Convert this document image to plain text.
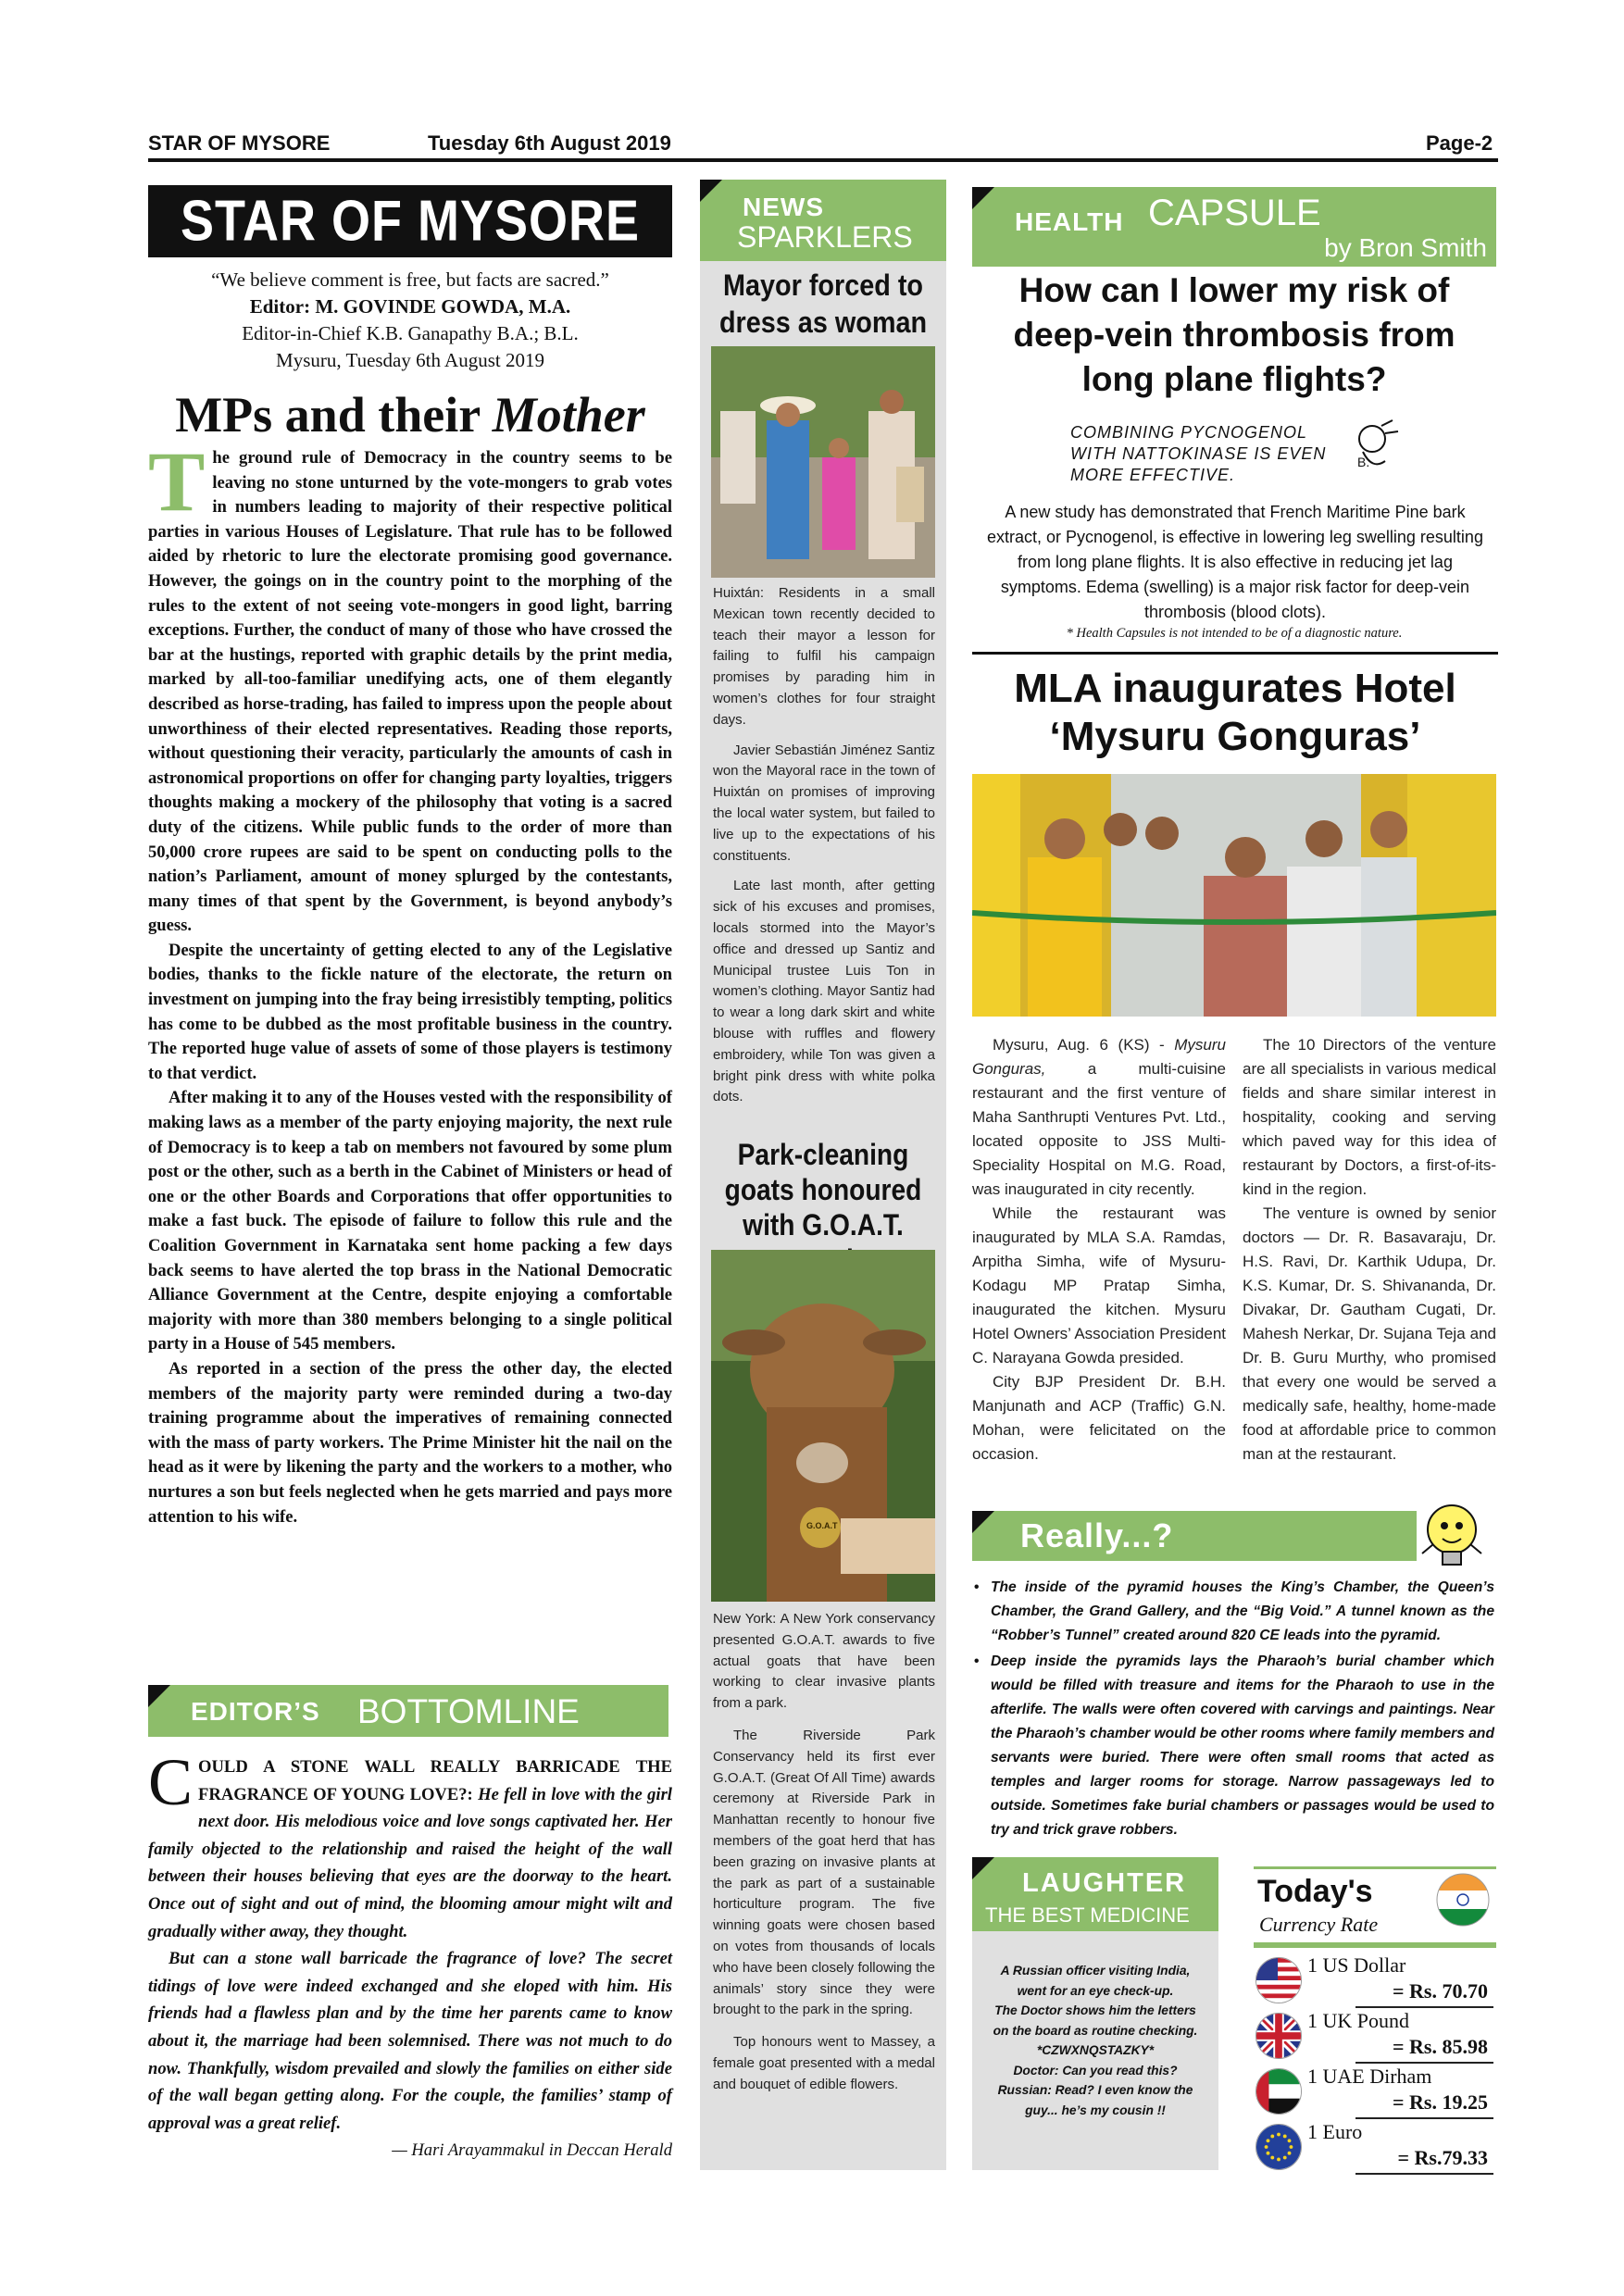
STAR OF MYSORE	Tuesday 6th August 2019	Page-2
STAR OF MYSORE
“We believe comment is free, but facts are sacred.”
Editor: M. GOVINDE GOWDA, M.A.
Editor-in-Chief K.B. Ganapathy B.A.; B.L.
Mysuru, Tuesday 6th August 2019
MPs and their Mother

The ground rule of Democracy in the country seems to be leaving no stone unturned by the vote-mongers to grab votes in numbers leading to majority of their respective political parties in various Houses of Legislature. That rule has to be followed aided by rhetoric to lure the electorate promising good governance. However, the goings on in the country point to the morphing of the rules to the extent of not seeing vote-mongers in good light, barring exceptions. Further, the conduct of many of those who have crossed the bar at the hustings, reported with graphic details by the print media, marked by all-too-familiar unedifying acts, one of them elegantly described as horse-trading, has failed to impress upon the people about unworthiness of their elected representatives. Reading those reports, without questioning their veracity, particularly the amounts of cash in astronomical proportions on offer for changing party loyalties, triggers thoughts making a mockery of the philosophy that voting is a sacred duty of the citizens. While public funds to the order of more than 50,000 crore rupees are said to be spent on conducting polls to the nation’s Parliament, amount of money splurged by the contestants, many times of that spent by the Government, is beyond anybody’s guess.

Despite the uncertainty of getting elected to any of the Legislative bodies, thanks to the fickle nature of the electorate, the return on investment on jumping into the fray being irresistibly tempting, politics has come to be dubbed as the most profitable business in the country. The reported huge value of assets of some of those players is testimony to that verdict.

After making it to any of the Houses vested with the responsibility of making laws as a member of the party enjoying majority, the next rule of Democracy is to keep a tab on members not favoured by some plum post or the other, such as a berth in the Cabinet of Ministers or head of one or the other Boards and Corporations that offer opportunities to make a fast buck. The episode of failure to follow this rule and the Coalition Government in Karnataka sent home packing a few days back seems to have alerted the top brass in the National Democratic Alliance Government at the Centre, despite enjoying a comfortable majority with more than 380 members belonging to a single political party in a House of 545 members.

As reported in a section of the press the other day, the elected members of the majority party were reminded during a two-day training programme about the imperatives of remaining connected with the mass of party workers. The Prime Minister hit the nail on the head as it were by likening the party and the workers to a mother, who nurtures a son but feels neglected when he gets married and pays more attention to his wife.

EDITOR’S BOTTOMLINE

COULD A STONE WALL REALLY BARRICADE THE FRAGRANCE OF YOUNG LOVE?: He fell in love with the girl next door. His melodious voice and love songs captivated her. Her family objected to the relationship and raised the height of the wall between their houses believing that eyes are the doorway to the heart. Once out of sight and out of mind, the blooming amour might wilt and gradually wither away, they thought.

But can a stone wall barricade the fragrance of love? The secret tidings of love were indeed exchanged and she eloped with him. His friends had a flawless plan and by the time her parents came to know about it, the marriage had been solemnised. There was not much to do now. Thankfully, wisdom prevailed and slowly the families on either side of the wall began getting along. For the couple, the families’ stamp of approval was a great relief.

— Hari Arayammakul in Deccan Herald

NEWS
SPARKLERS
Mayor forced to dress as woman

Huixtán: Residents in a small Mexican town recently decided to teach their mayor a lesson for failing to fulfil his campaign promises by parading him in women’s clothes for four straight days.

Javier Sebastián Jiménez Santiz won the Mayoral race in the town of Huixtán on promises of improving the local water system, but failed to live up to the expectations of his constituents.

Late last month, after getting sick of his excuses and promises, locals stormed into the Mayor’s office and dressed up Santiz and Municipal trustee Luis Ton in women’s clothing. Mayor Santiz had to wear a long dark skirt and white blouse with ruffles and flowery embroidery, while Ton was given a bright pink dress with white polka dots.

Park-cleaning goats honoured with G.O.A.T.
G.O.A.T

New York: A New York conservancy presented G.O.A.T. awards to five actual goats that have been working to clear invasive plants from a park.

The Riverside Park Conservancy held its first ever G.O.A.T. (Great Of All Time) awards ceremony at Riverside Park in Manhattan recently to honour five members of the goat herd that has been grazing on invasive plants at the park as part of a sustainable horticulture program. The five winning goats were chosen based on votes from thousands of locals who have been closely following the animals’ story since they were brought to the park in the spring.

Top honours went to Massey, a female goat presented with a medal and bouquet of edible flowers.

HEALTH CAPSULE
by Bron Smith
How can I lower my risk of deep-vein thrombosis from long plane flights?
COMBINING PYCNOGENOL WITH NATTOKINASE IS EVEN MORE EFFECTIVE.
B.
A new study has demonstrated that French Maritime Pine bark extract, or Pycnogenol, is effective in lowering leg swelling resulting from long plane flights. It is also effective in reducing jet lag symptoms. Edema (swelling) is a major risk factor for deep-vein thrombosis (blood clots).
* Health Capsules is not intended to be of a diagnostic nature.
MLA inaugurates Hotel ‘Mysuru Gonguras’

Mysuru, Aug. 6 (KS) - Mysuru Gonguras, a multi-cuisine restaurant and the first venture of Maha Santhrupti Ventures Pvt. Ltd., located opposite to JSS Multi-Speciality Hospital on M.G. Road, was inaugurated in city recently.

While the restaurant was inaugurated by MLA S.A. Ramdas, Arpitha Simha, wife of Mysuru-Kodagu MP Pratap Simha, inaugurated the kitchen. Mysuru Hotel Owners’ Association President C. Narayana Gowda presided.

City BJP President Dr. B.H. Manjunath and ACP (Traffic) G.N. Mohan, were felicitated on the occasion.

The 10 Directors of the venture are all specialists in various medical fields and share similar interest in hospitality, cooking and serving which paved way for this idea of restaurant by Doctors, a first-of-its-kind in the region.

The venture is owned by senior doctors — Dr. R. Basavaraju, Dr. H.S. Ravi, Dr. Karthik Udupa, Dr. K.S. Kumar, Dr. S. Shivananda, Dr. Divakar, Dr. Gautham Cugati, Dr. Mahesh Nerkar, Dr. Sujana Teja and Dr. B. Guru Murthy, who promised that every one would be served a medically safe, healthy, home-made food at affordable price to common man at the restaurant.

Really...?
• The inside of the pyramid houses the King’s Chamber, the Queen’s Chamber, the Grand Gallery, and the “Big Void.” A tunnel known as the “Robber’s Tunnel” created around 820 CE leads into the pyramid.
• Deep inside the pyramids lays the Pharaoh’s burial chamber which would be filled with treasure and items for the Pharaoh to use in the afterlife. The walls were often covered with carvings and paintings. Near the Pharaoh’s chamber would be other rooms where family members and servants were buried. There were often small rooms that acted as temples and larger rooms for storage. Narrow passageways led to outside. Sometimes fake burial chambers or passages would be used to try and trick grave robbers.
LAUGHTER
THE BEST MEDICINE
A Russian officer visiting India,
went for an eye check-up.
The Doctor shows him the letters
on the board as routine checking.
*CZWXNQSTAZKY*
Doctor: Can you read this?
Russian: Read? I even know the
guy... he’s my cousin !!
Today's
Currency Rate
1 US Dollar
= Rs. 70.70
1 UK Pound
= Rs. 85.98
1 UAE Dirham
= Rs. 19.25
1 Euro
= Rs.79.33
